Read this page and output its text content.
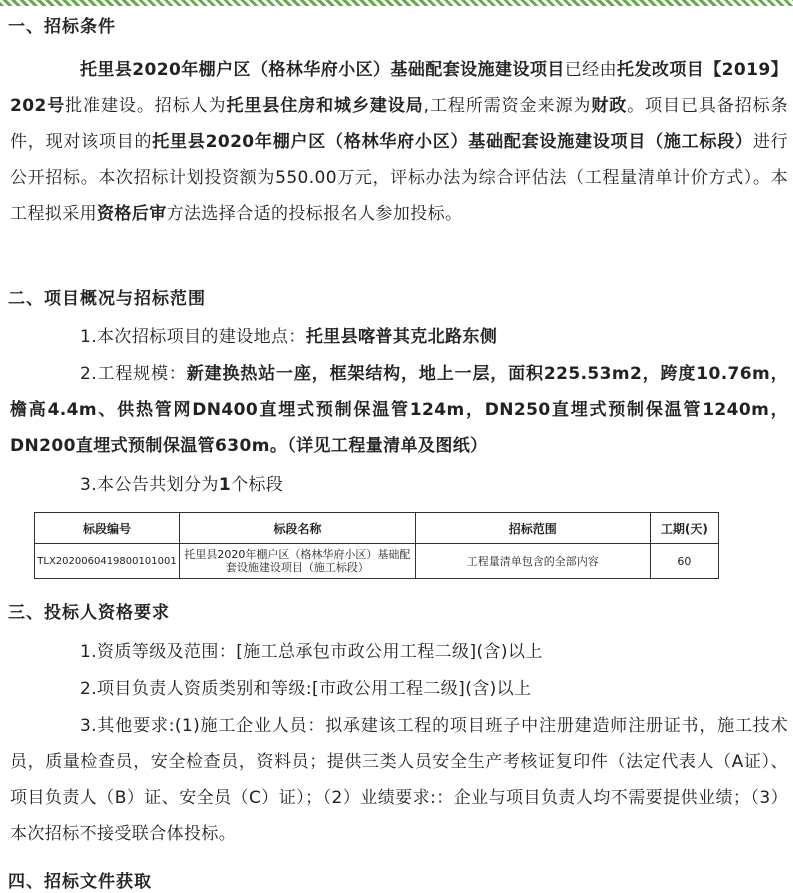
一、招标条件

托里县2020年棚户区（格林华府小区）基础配套设施建设项目已经由托发改项目【2019】202号批准建设。招标人为托里县住房和城乡建设局,工程所需资金来源为财政。项目已具备招标条件，现对该项目的托里县2020年棚户区（格林华府小区）基础配套设施建设项目（施工标段）进行公开招标。本次招标计划投资额为550.00万元，评标办法为综合评估法（工程量清单计价方式）。本工程拟采用资格后审方法选择合适的投标报名人参加投标。

二、项目概况与招标范围

1.本次招标项目的建设地点：托里县喀普其克北路东侧

2.工程规模：新建换热站一座，框架结构，地上一层，面积225.53m2，跨度10.76m，檐高4.4m、供热管网DN400直埋式预制保温管124m，DN250直埋式预制保温管1240m，DN200直埋式预制保温管630m。（详见工程量清单及图纸）

3.本公告共划分为1个标段

标段编号	标段名称	招标范围	工期(天)
TLX2020060419800101001	托里县2020年棚户区（格林华府小区）基础配套设施建设项目（施工标段）	工程量清单包含的全部内容	60
三、投标人资格要求

1.资质等级及范围：[施工总承包市政公用工程二级](含)以上

2.项目负责人资质类别和等级:[市政公用工程二级](含)以上

3.其他要求:(1)施工企业人员：拟承建该工程的项目班子中注册建造师注册证书，施工技术员，质量检查员，安全检查员，资料员；提供三类人员安全生产考核证复印件（法定代表人（A证）、项目负责人（B）证、安全员（C）证）；（2）业绩要求:：企业与项目负责人均不需要提供业绩；（3）本次招标不接受联合体投标。

四、招标文件获取
